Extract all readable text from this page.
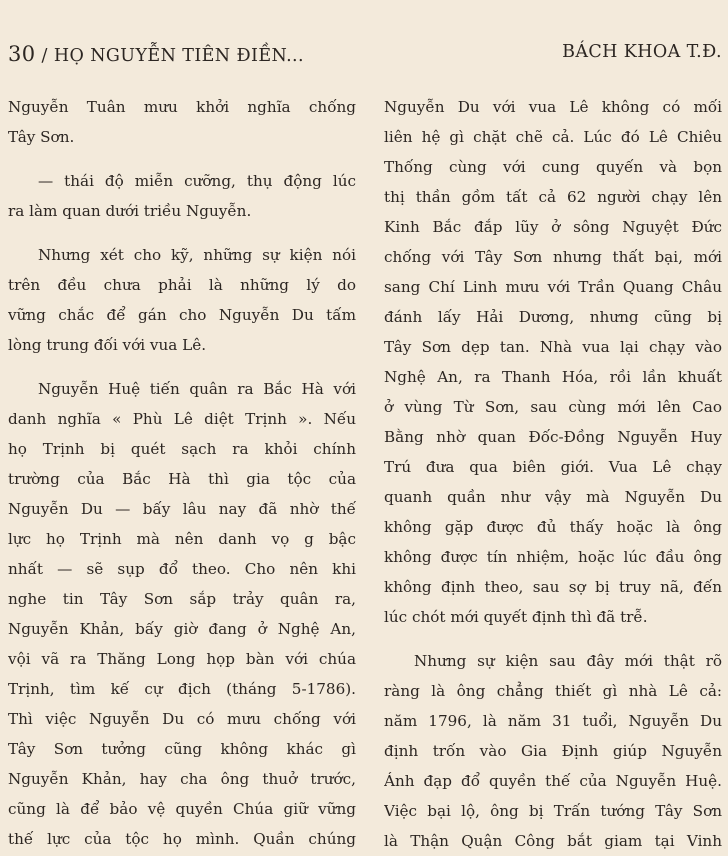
30 / HỌ NGUYỄN TIÊN ĐIỀN...	BÁCH KHOA T.Đ.
Nguyễn Tuân mưu khởi nghĩa chống
Tây Sơn.
— thái độ miễn cưỡng, thụ động lúc
ra làm quan dưới triều Nguyễn.
Nhưng xét cho kỹ, những sự kiện nói
trên đều chưa phải là những lý do
vững chắc để gán cho Nguyễn Du tấm
lòng trung đối với vua Lê.
Nguyễn Huệ tiến quân ra Bắc Hà với
danh nghĩa « Phù Lê diệt Trịnh ». Nếu
họ Trịnh bị quét sạch ra khỏi chính
trường của Bắc Hà thì gia tộc của
Nguyễn Du — bấy lâu nay đã nhờ thế
lực họ Trịnh mà nên danh vọ g bậc
nhất — sẽ sụp đổ theo. Cho nên khi
nghe tin Tây Sơn sắp trảy quân ra,
Nguyễn Khản, bấy giờ đang ở Nghệ An,
vội vã ra Thăng Long họp bàn với chúa
Trịnh, tìm kế cự địch (tháng 5-1786).
Thì việc Nguyễn Du có mưu chống với
Tây Sơn tưởng cũng không khác gì
Nguyễn Khản, hay cha ông thuở trước,
cũng là để bảo vệ quyền Chúa giữ vững
thế lực của tộc họ mình. Quần chúng
Nguyễn Du với vua Lê không có mối
liên hệ gì chặt chẽ cả. Lúc đó Lê Chiêu
Thống cùng với cung quyến và bọn
thị thần gồm tất cả 62 người chạy lên
Kinh Bắc đắp lũy ở sông Nguyệt Đức
chống với Tây Sơn nhưng thất bại, mới
sang Chí Linh mưu với Trần Quang Châu
đánh lấy Hải Dương, nhưng cũng bị
Tây Sơn dẹp tan. Nhà vua lại chạy vào
Nghệ An, ra Thanh Hóa, rồi lần khuất
ở vùng Từ Sơn, sau cùng mới lên Cao
Bằng nhờ quan Đốc-Đồng Nguyễn Huy
Trú đưa qua biên giới. Vua Lê chạy
quanh quần như vậy mà Nguyễn Du
không gặp được đủ thấy hoặc là ông
không được tín nhiệm, hoặc lúc đầu ông
không định theo, sau sợ bị truy nã, đến
lúc chót mới quyết định thì đã trễ.
Nhưng sự kiện sau đây mới thật rõ
ràng là ông chẳng thiết gì nhà Lê cả:
năm 1796, là năm 31 tuổi, Nguyễn Du
định trốn vào Gia Định giúp Nguyễn
Ánh đạp đổ quyền thế của Nguyễn Huệ.
Việc bại lộ, ông bị Trấn tướng Tây Sơn
là Thận Quận Công bắt giam tại Vinh
